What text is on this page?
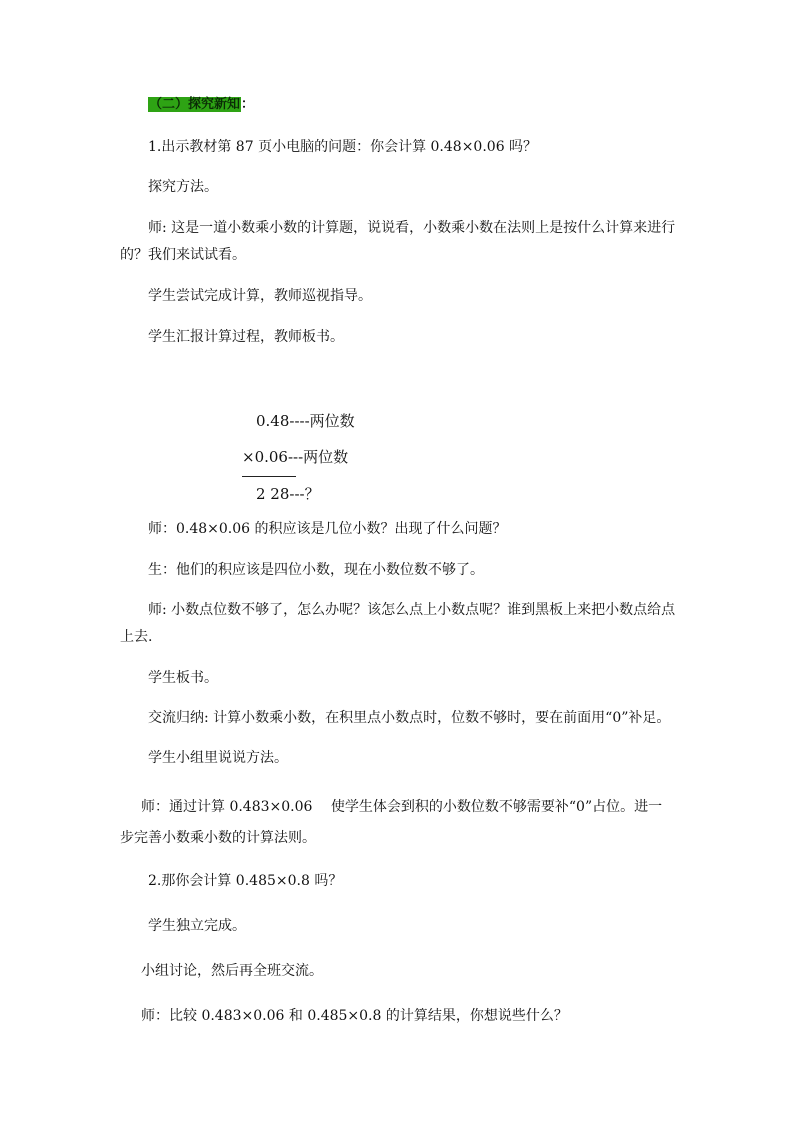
（二）探究新知：
1.出示教材第 87 页小电脑的问题：你会计算 0.48×0.06 吗？
探究方法。
师: 这是一道小数乘小数的计算题，说说看，小数乘小数在法则上是按什么计算来进行
的？我们来试试看。
学生尝试完成计算，教师巡视指导。
学生汇报计算过程，教师板书。
0.48----两位数
×0.06---两位数
2 28---？
师：0.48×0.06 的积应该是几位小数？出现了什么问题？
生：他们的积应该是四位小数，现在小数位数不够了。
师: 小数点位数不够了，怎么办呢？该怎么点上小数点呢？谁到黑板上来把小数点给点
上去.
学生板书。
交流归纳: 计算小数乘小数，在积里点小数点时，位数不够时，要在前面用“0”补足。
学生小组里说说方法。
师：通过计算 0.483×0.06　 使学生体会到积的小数位数不够需要补“0”占位。进一
步完善小数乘小数的计算法则。
2.那你会计算 0.485×0.8 吗？
学生独立完成。
小组讨论，然后再全班交流。
师：比较 0.483×0.06 和 0.485×0.8 的计算结果，你想说些什么？
